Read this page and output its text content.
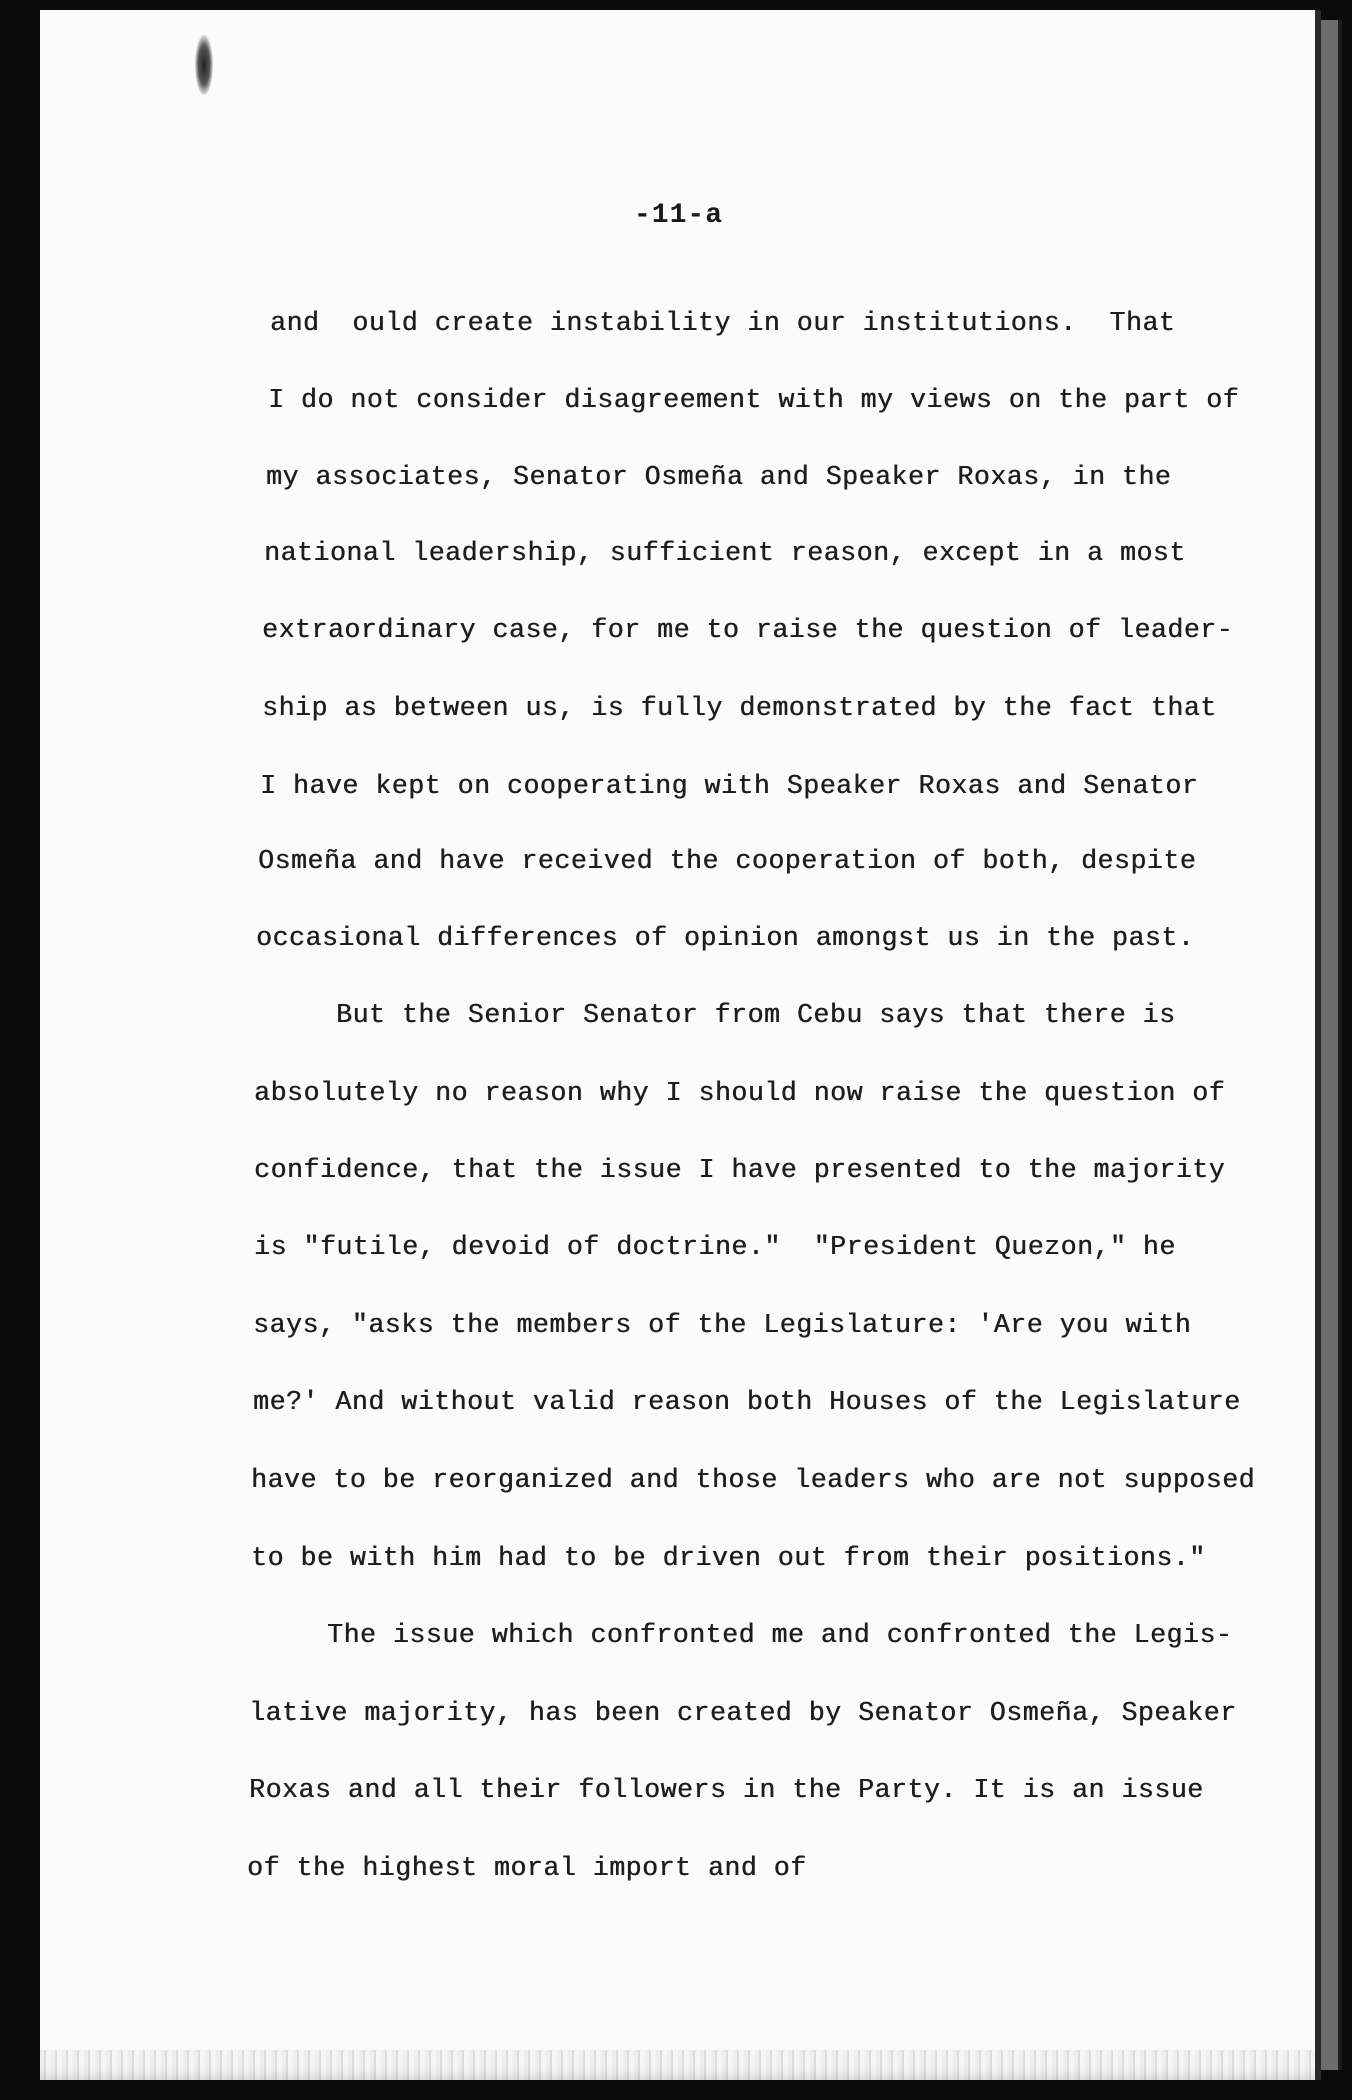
-11-a
and  ould create instability in our institutions.  That
I do not consider disagreement with my views on the part of
my associates, Senator Osmeña and Speaker Roxas, in the
national leadership, sufficient reason, except in a most
extraordinary case, for me to raise the question of leader-
ship as between us, is fully demonstrated by the fact that
I have kept on cooperating with Speaker Roxas and Senator
Osmeña and have received the cooperation of both, despite
occasional differences of opinion amongst us in the past.
But the Senior Senator from Cebu says that there is
absolutely no reason why I should now raise the question of
confidence, that the issue I have presented to the majority
is "futile, devoid of doctrine."  "President Quezon," he
says, "asks the members of the Legislature: 'Are you with
me?' And without valid reason both Houses of the Legislature
have to be reorganized and those leaders who are not supposed
to be with him had to be driven out from their positions."
The issue which confronted me and confronted the Legis-
lative majority, has been created by Senator Osmeña, Speaker
Roxas and all their followers in the Party. It is an issue
of the highest moral import and of
